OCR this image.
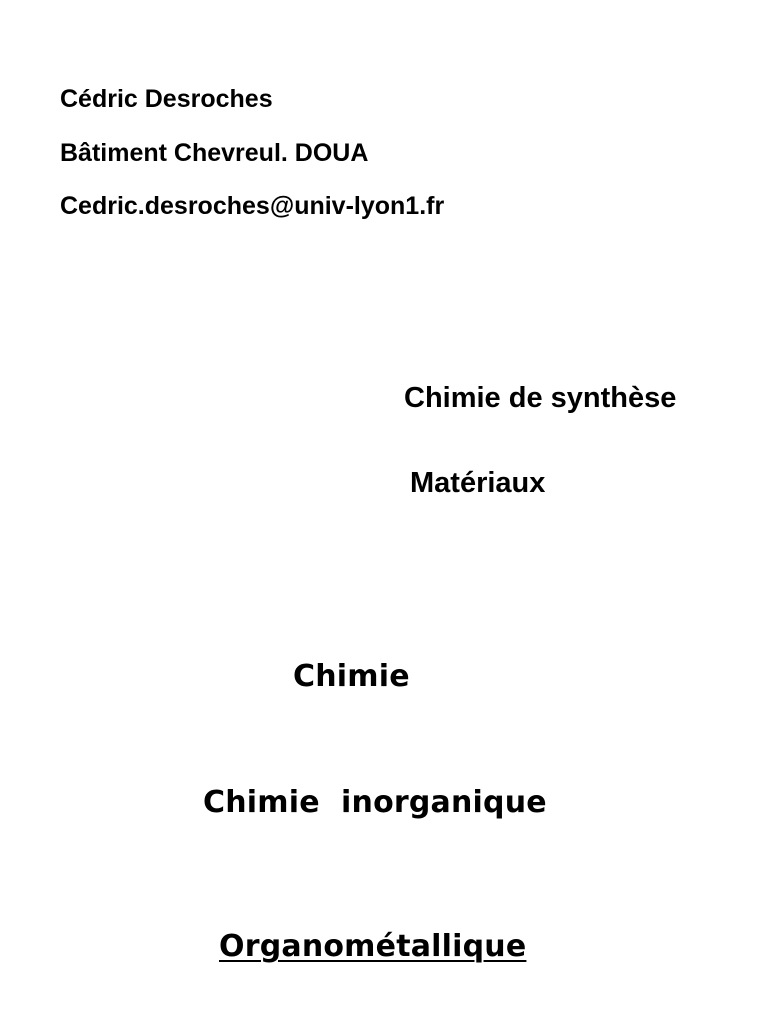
Cédric Desroches
Bâtiment Chevreul. DOUA
Cedric.desroches@univ-lyon1.fr
Chimie de synthèse
Matériaux
Chimie
Chimie  inorganique
Organométallique
